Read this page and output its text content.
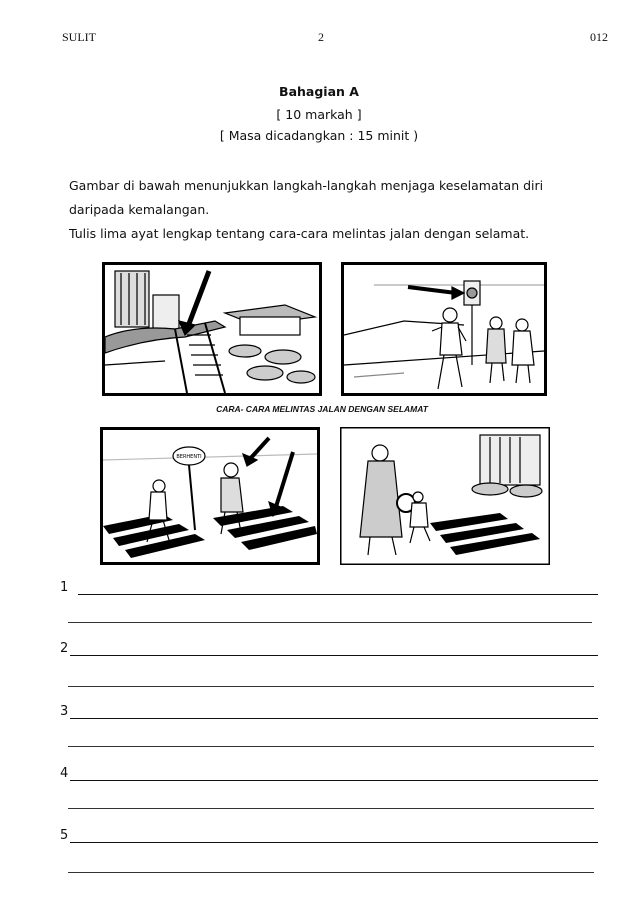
SULIT	2	012
Bahagian A
[ 10 markah ]
[ Masa dicadangkan : 15 minit )
Gambar di bawah menunjukkan langkah-langkah menjaga keselamatan diri
daripada kemalangan.
Tulis lima ayat lengkap tentang cara-cara melintas jalan dengan selamat.
CARA- CARA MELINTAS JALAN DENGAN SELAMAT
BERHENTI
1
2
3
4
5
